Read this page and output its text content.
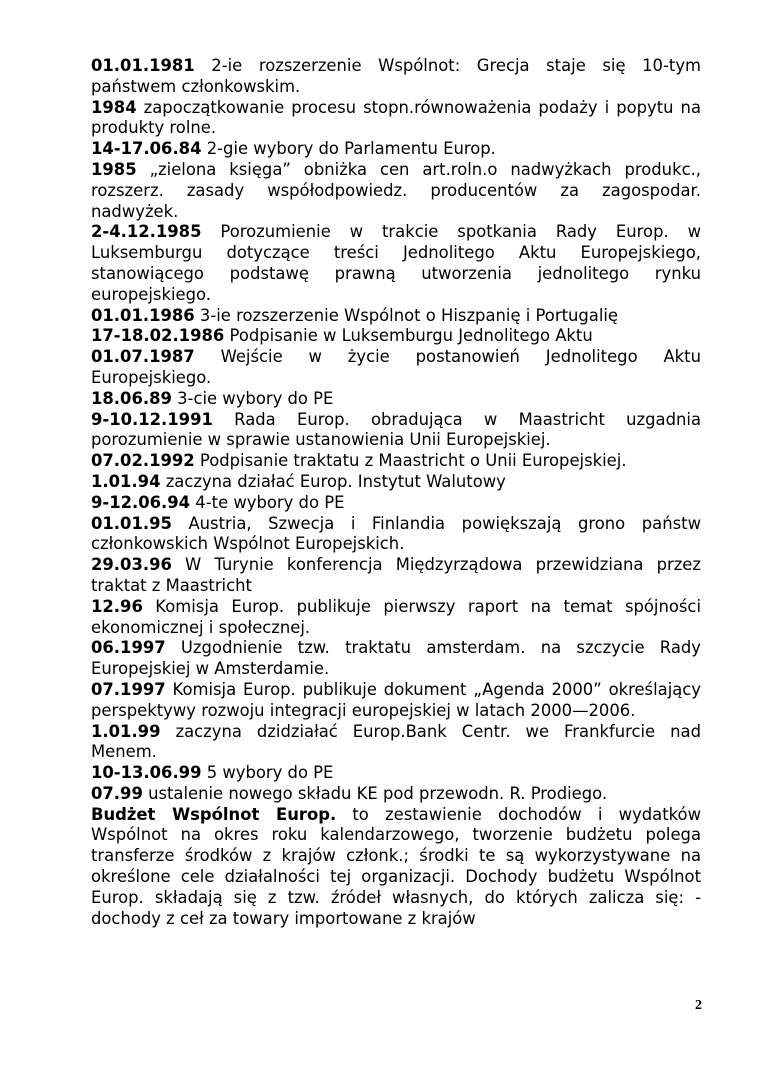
01.01.1981 2-ie rozszerzenie Wspólnot: Grecja staje się 10-tym państwem członkowskim.

1984 zapoczątkowanie procesu stopn.równoważenia podaży i popytu na produkty rolne.

14-17.06.84 2-gie wybory do Parlamentu Europ.

1985 „zielona księga” obniżka cen art.roln.o nadwyżkach produkc., rozszerz. zasady współodpowiedz. producentów za zagospodar. nadwyżek.

2-4.12.1985 Porozumienie w trakcie spotkania Rady Europ. w Luksemburgu dotyczące treści Jednolitego Aktu Europejskiego, stanowiącego podstawę prawną utworzenia jednolitego rynku europejskiego.

01.01.1986 3-ie rozszerzenie Wspólnot o Hiszpanię i Portugalię

17-18.02.1986 Podpisanie w Luksemburgu Jednolitego Aktu

01.07.1987 Wejście w życie postanowień Jednolitego Aktu Europejskiego.

18.06.89 3-cie wybory do PE

9-10.12.1991 Rada Europ. obradująca w Maastricht uzgadnia porozumienie w sprawie ustanowienia Unii Europejskiej.

07.02.1992 Podpisanie traktatu z Maastricht o Unii Europejskiej.

1.01.94 zaczyna działać Europ. Instytut Walutowy

9-12.06.94 4-te wybory do PE

01.01.95 Austria, Szwecja i Finlandia powiększają grono państw członkowskich Wspólnot Europejskich.

29.03.96 W Turynie konferencja Międzyrządowa przewidziana przez traktat z Maastricht

12.96 Komisja Europ. publikuje pierwszy raport na temat spójności ekonomicznej i społecznej.

06.1997 Uzgodnienie tzw. traktatu amsterdam. na szczycie Rady Europejskiej w Amsterdamie.

07.1997 Komisja Europ. publikuje dokument „Agenda 2000” określający perspektywy rozwoju integracji europejskiej w latach 2000—2006.

1.01.99 zaczyna dzidziałać Europ.Bank Centr. we Frankfurcie nad Menem.

10-13.06.99 5 wybory do PE

07.99 ustalenie nowego składu KE pod przewodn. R. Prodiego.

Budżet Wspólnot Europ. to zestawienie dochodów i wydatków Wspólnot na okres roku kalendarzowego, tworzenie budżetu polega transferze środków z krajów członk.; środki te są wykorzystywane na określone cele działalności tej organizacji. Dochody budżetu Wspólnot Europ. składają się z tzw. źródeł własnych, do których zalicza się: -dochody z ceł za towary importowane z krajów

2
